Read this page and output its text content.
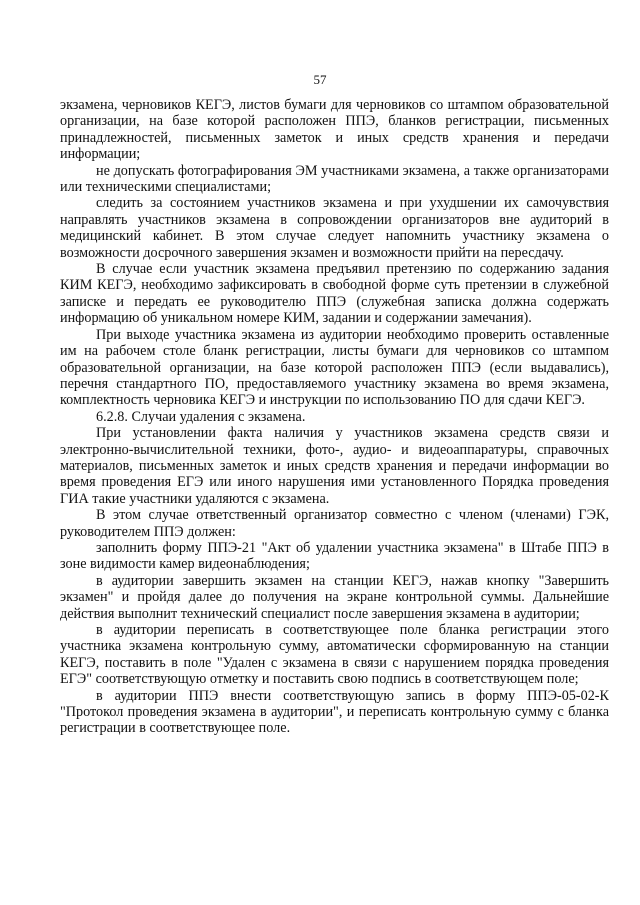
57

экзамена, черновиков КЕГЭ, листов бумаги для черновиков со штампом образовательной организации, на базе которой расположен ППЭ, бланков регистрации, письменных принадлежностей, письменных заметок и иных средств хранения и передачи информации;

не допускать фотографирования ЭМ участниками экзамена, а также организаторами или техническими специалистами;

следить за состоянием участников экзамена и при ухудшении их самочувствия направлять участников экзамена в сопровождении организаторов вне аудиторий в медицинский кабинет. В этом случае следует напомнить участнику экзамена о возможности досрочного завершения экзамен и возможности прийти на пересдачу.

В случае если участник экзамена предъявил претензию по содержанию задания КИМ КЕГЭ, необходимо зафиксировать в свободной форме суть претензии в служебной записке и передать ее руководителю ППЭ (служебная записка должна содержать информацию об уникальном номере КИМ, задании и содержании замечания).

При выходе участника экзамена из аудитории необходимо проверить оставленные им на рабочем столе бланк регистрации, листы бумаги для черновиков со штампом образовательной организации, на базе которой расположен ППЭ (если выдавались), перечня стандартного ПО, предоставляемого участнику экзамена во время экзамена, комплектность черновика КЕГЭ и инструкции по использованию ПО для сдачи КЕГЭ.

6.2.8. Случаи удаления с экзамена.

При установлении факта наличия у участников экзамена средств связи и электронно-вычислительной техники, фото-, аудио- и видеоаппаратуры, справочных материалов, письменных заметок и иных средств хранения и передачи информации во время проведения ЕГЭ или иного нарушения ими установленного Порядка проведения ГИА такие участники удаляются с экзамена.

В этом случае ответственный организатор совместно с членом (членами) ГЭК, руководителем ППЭ должен:

заполнить форму ППЭ-21 "Акт об удалении участника экзамена" в Штабе ППЭ в зоне видимости камер видеонаблюдения;

в аудитории завершить экзамен на станции КЕГЭ, нажав кнопку "Завершить экзамен" и пройдя далее до получения на экране контрольной суммы. Дальнейшие действия выполнит технический специалист после завершения экзамена в аудитории;

в аудитории переписать в соответствующее поле бланка регистрации этого участника экзамена контрольную сумму, автоматически сформированную на станции КЕГЭ, поставить в поле "Удален с экзамена в связи с нарушением порядка проведения ЕГЭ" соответствующую отметку и поставить свою подпись в соответствующем поле;

в аудитории ППЭ внести соответствующую запись в форму ППЭ-05-02-К "Протокол проведения экзамена в аудитории", и переписать контрольную сумму с бланка регистрации в соответствующее поле.
